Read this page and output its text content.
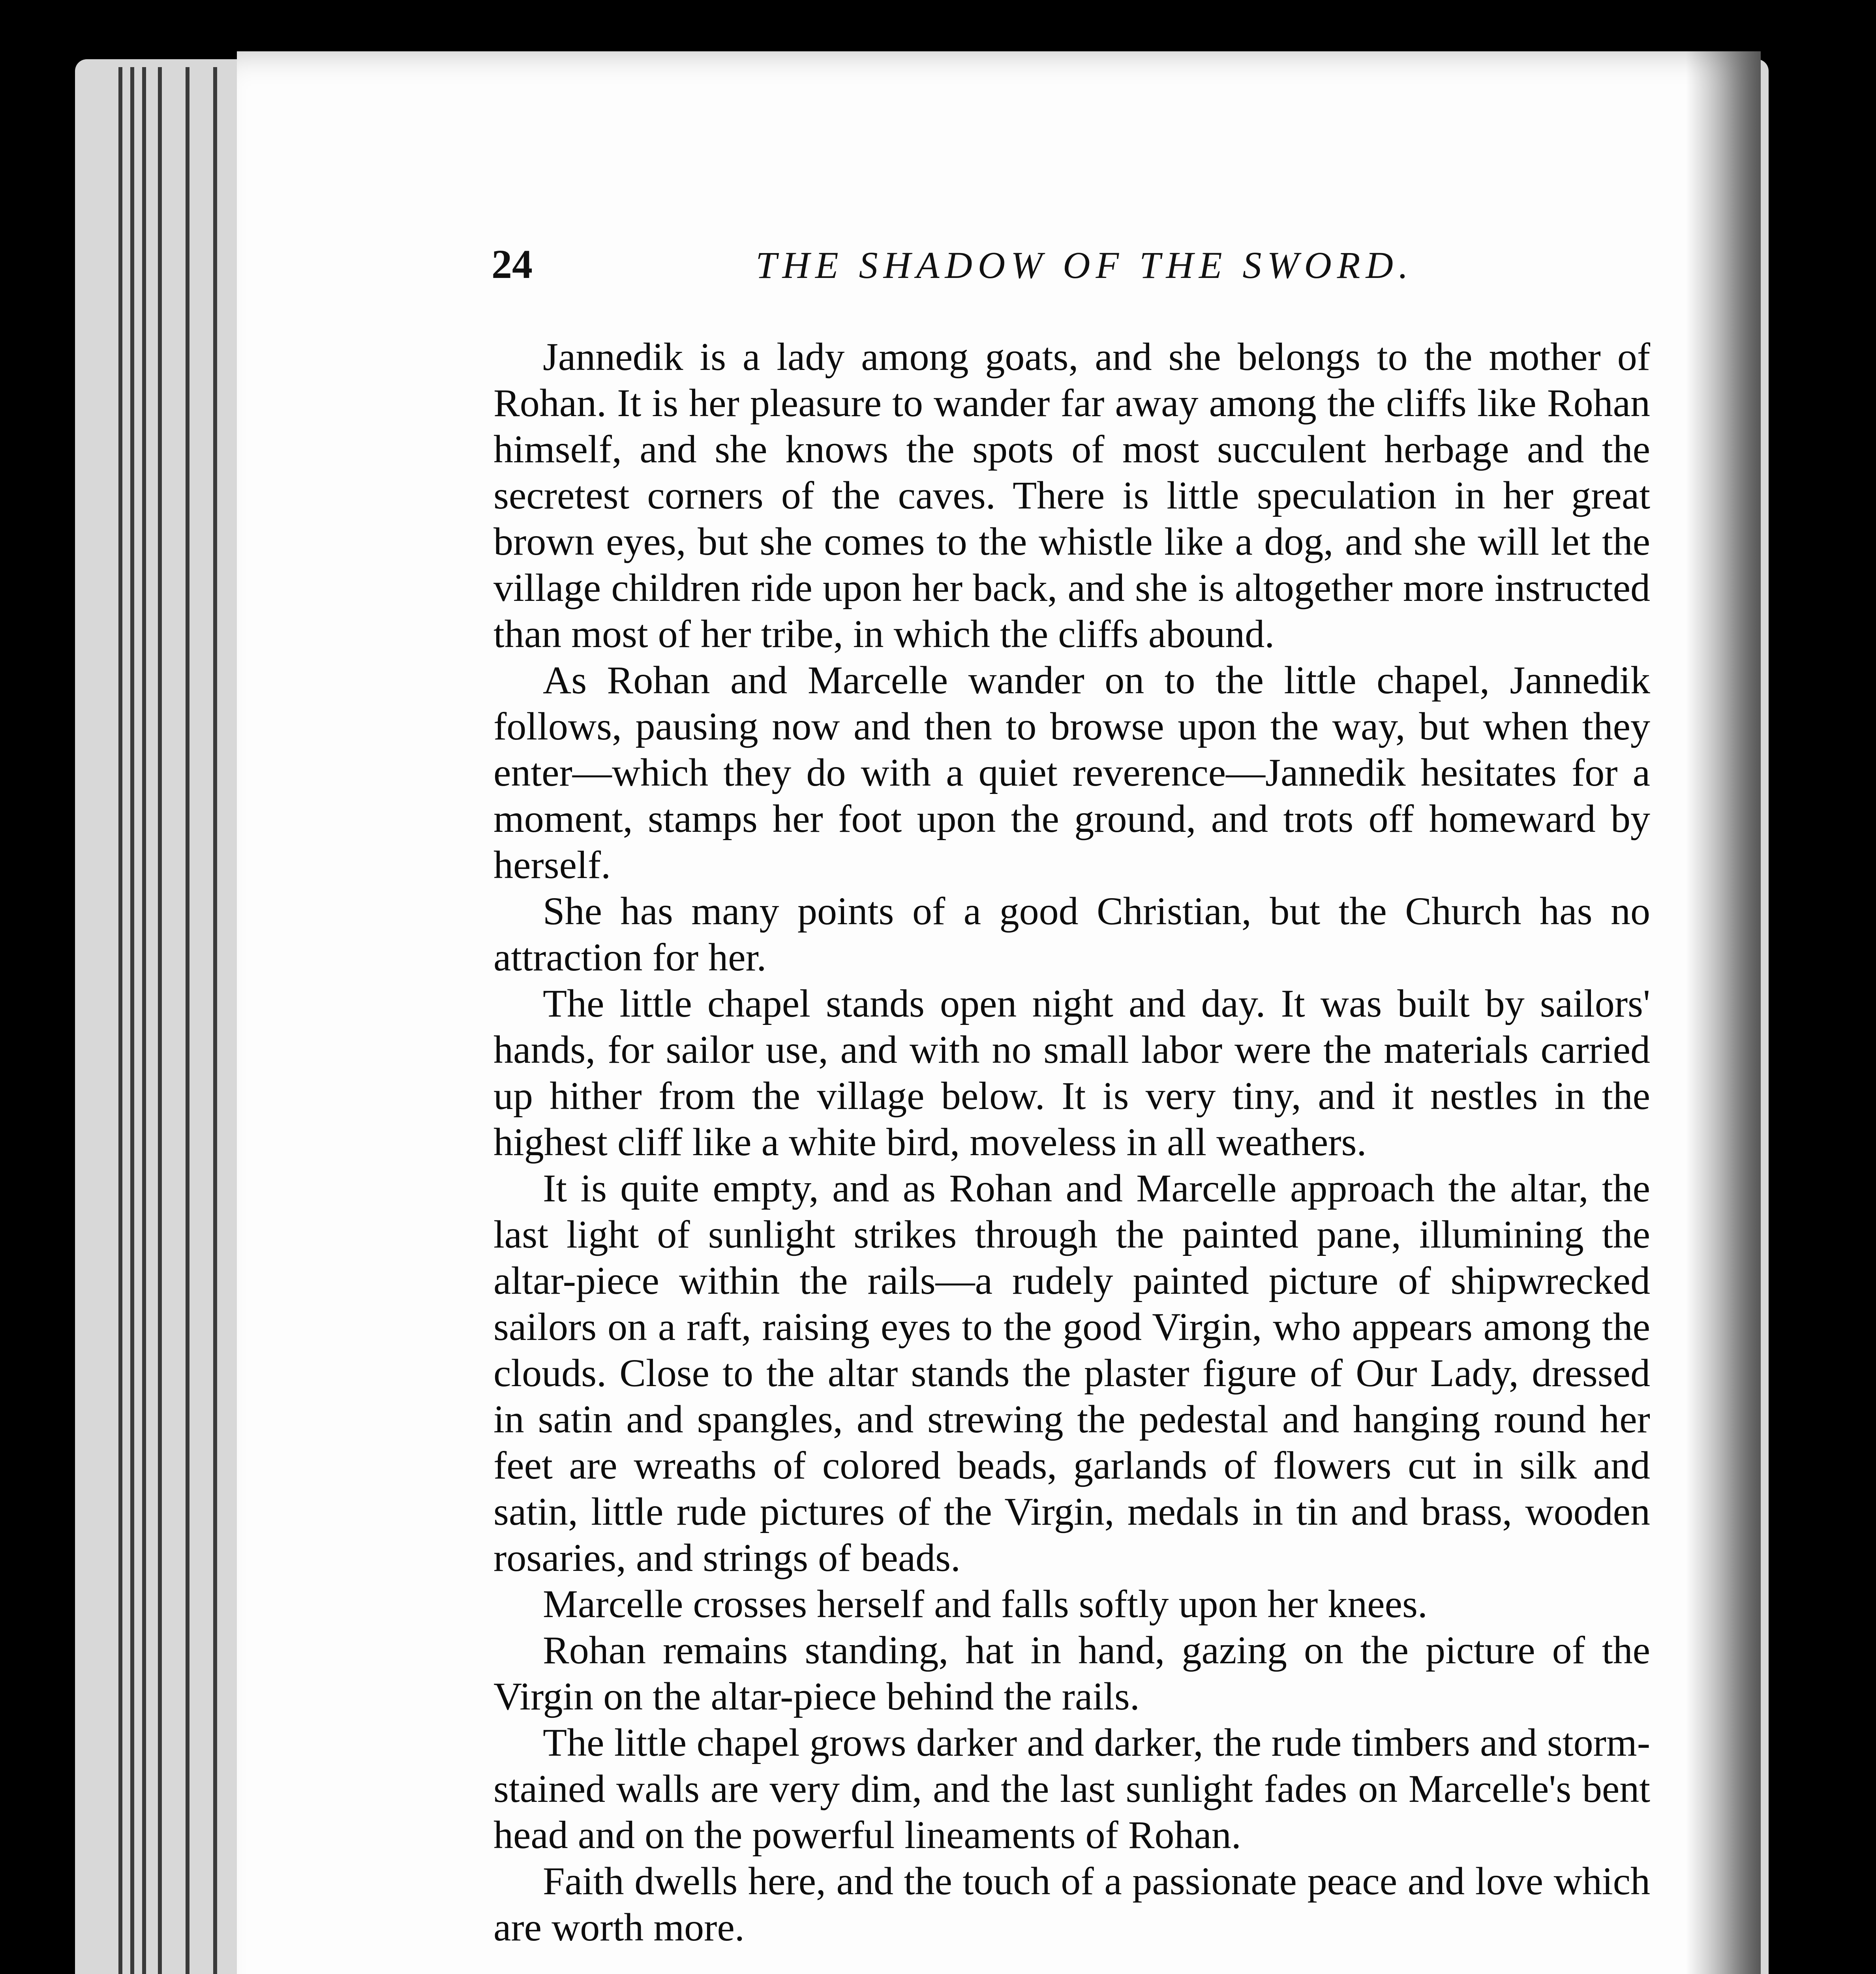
24	THE SHADOW OF THE SWORD.

Jannedik is a lady among goats, and she belongs to the mother of Rohan. It is her pleasure to wander far away among the cliffs like Rohan himself, and she knows the spots of most succulent herbage and the secretest corners of the caves. There is little speculation in her great brown eyes, but she comes to the whistle like a dog, and she will let the village children ride upon her back, and she is altogether more instructed than most of her tribe, in which the cliffs abound.

As Rohan and Marcelle wander on to the little chapel, Jannedik follows, pausing now and then to browse upon the way, but when they enter—which they do with a quiet reverence—Jannedik hesitates for a moment, stamps her foot upon the ground, and trots off homeward by herself.

She has many points of a good Christian, but the Church has no attraction for her.

The little chapel stands open night and day. It was built by sailors' hands, for sailor use, and with no small labor were the materials carried up hither from the village below. It is very tiny, and it nestles in the highest cliff like a white bird, moveless in all weathers.

It is quite empty, and as Rohan and Marcelle approach the altar, the last light of sunlight strikes through the painted pane, illumining the altar-piece within the rails—a rudely painted picture of shipwrecked sailors on a raft, raising eyes to the good Virgin, who appears among the clouds. Close to the altar stands the plaster figure of Our Lady, dressed in satin and spangles, and strewing the pedestal and hanging round her feet are wreaths of colored beads, garlands of flowers cut in silk and satin, little rude pictures of the Virgin, medals in tin and brass, wooden rosaries, and strings of beads.

Marcelle crosses herself and falls softly upon her knees.

Rohan remains standing, hat in hand, gazing on the picture of the Virgin on the altar-piece behind the rails.

The little chapel grows darker and darker, the rude timbers and storm-stained walls are very dim, and the last sunlight fades on Marcelle's bent head and on the powerful lineaments of Rohan.

Faith dwells here, and the touch of a passionate peace and love which are worth more.
